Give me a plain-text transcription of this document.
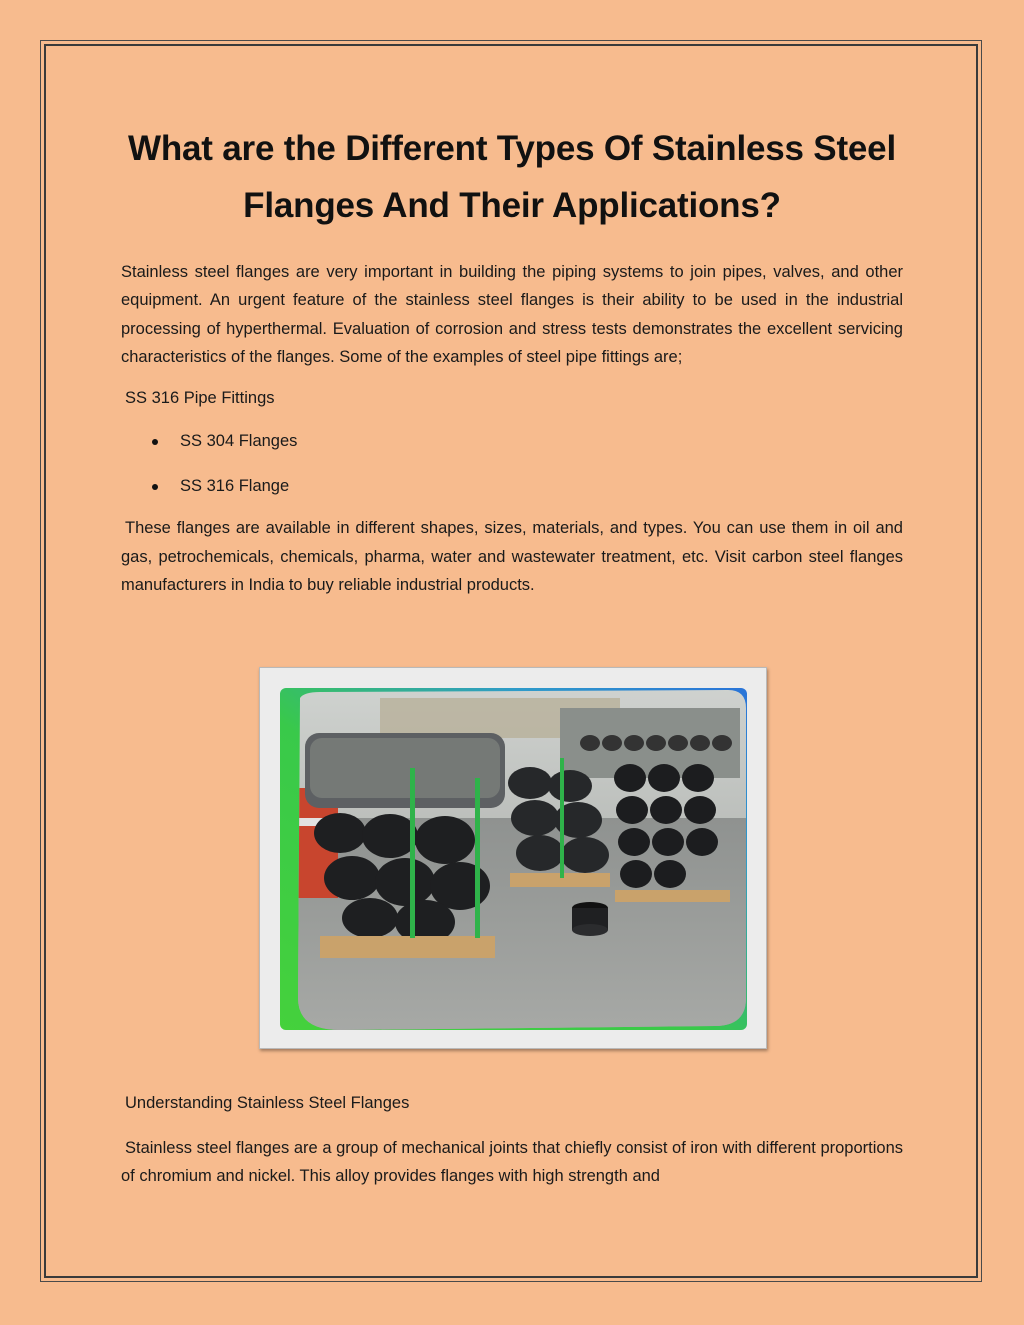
What are the Different Types Of Stainless Steel Flanges And Their Applications?

Stainless steel flanges are very important in building the piping systems to join pipes, valves, and other equipment. An urgent feature of the stainless steel flanges is their ability to be used in the industrial processing of hyperthermal. Evaluation of corrosion and stress tests demonstrates the excellent servicing characteristics of the flanges. Some of the examples of steel pipe fittings are;

SS 316 Pipe Fittings

SS 304 Flanges
SS 316 Flange

These flanges are available in different shapes, sizes, materials, and types. You can use them in oil and gas, petrochemicals, chemicals, pharma, water and wastewater treatment, etc. Visit carbon steel flanges manufacturers in India to buy reliable industrial products.

Understanding Stainless Steel Flanges

Stainless steel flanges are a group of mechanical joints that chiefly consist of iron with different proportions of chromium and nickel. This alloy provides flanges with high strength and
